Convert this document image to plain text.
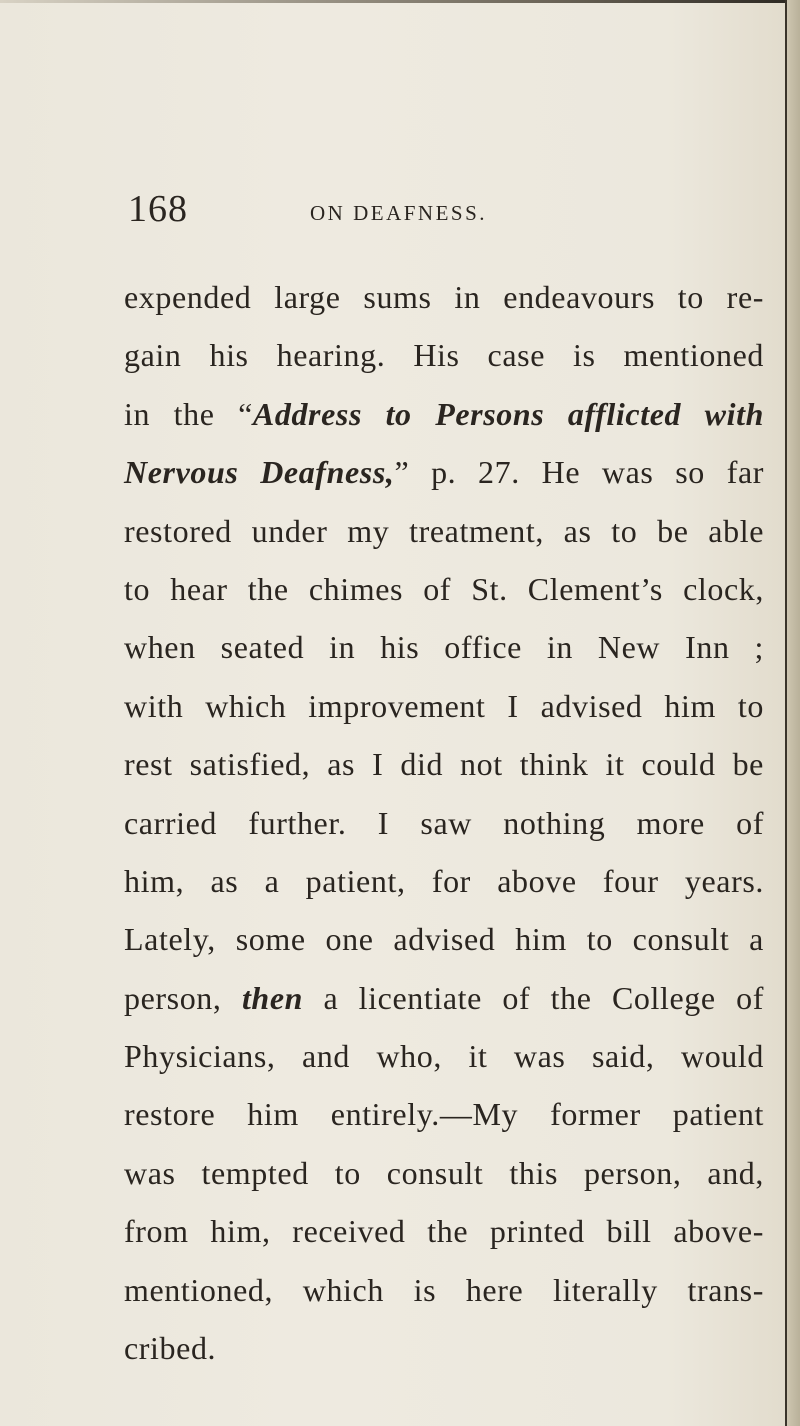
168	ON DEAFNESS.
expended large sums in endeavours to re-
gain his hearing. His case is mentioned
in the “Address to Persons afflicted with
Nervous Deafness,” p. 27. He was so far
restored under my treatment, as to be able
to hear the chimes of St. Clement’s clock,
when seated in his office in New Inn ;
with which improvement I advised him to
rest satisfied, as I did not think it could be
carried further. I saw nothing more of
him, as a patient, for above four years.
Lately, some one advised him to consult a
person, then a licentiate of the College of
Physicians, and who, it was said, would
restore him entirely.—My former patient
was tempted to consult this person, and,
from him, received the printed bill above-
mentioned, which is here literally trans-
cribed.
